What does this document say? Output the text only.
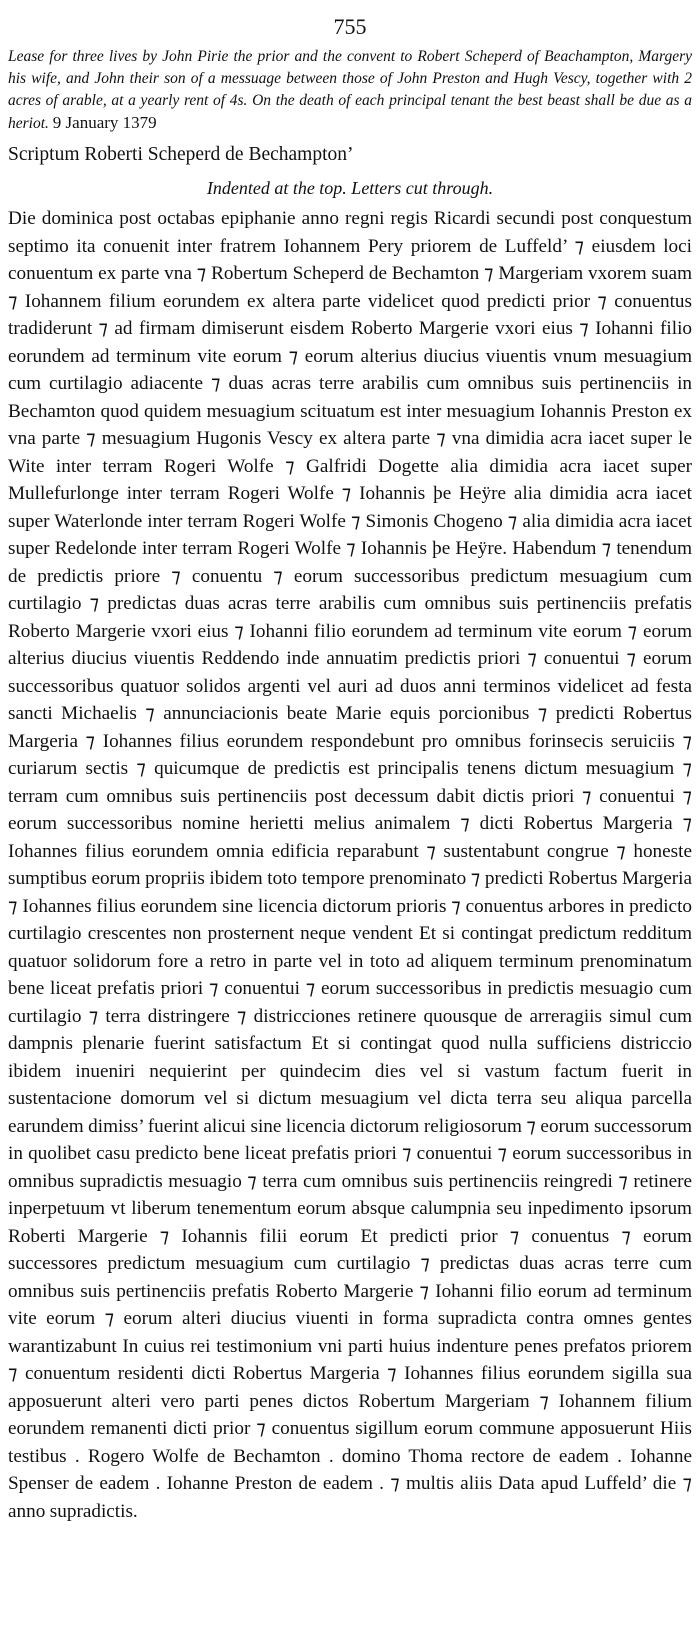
755

Lease for three lives by John Pirie the prior and the convent to Robert Scheperd of Beachampton, Margery his wife, and John their son of a messuage between those of John Preston and Hugh Vescy, together with 2 acres of arable, at a yearly rent of 4s. On the death of each principal tenant the best beast shall be due as a heriot. 9 January 1379

Scriptum Roberti Scheperd de Bechampton’
Indented at the top. Letters cut through.

Die dominica post octabas epiphanie anno regni regis Ricardi secundi post conquestum septimo ita conuenit inter fratrem Iohannem Pery priorem de Luffeld’ ⁊ eiusdem loci conuentum ex parte vna ⁊ Robertum Scheperd de Bechamton ⁊ Margeriam vxorem suam ⁊ Iohannem filium eorundem ex altera parte videlicet quod predicti prior ⁊ conuentus tradiderunt ⁊ ad firmam dimiserunt eisdem Roberto Margerie vxori eius ⁊ Iohanni filio eorundem ad terminum vite eorum ⁊ eorum alterius diucius viuentis vnum mesuagium cum curtilagio adiacente ⁊ duas acras terre arabilis cum omnibus suis pertinenciis in Bechamton quod quidem mesuagium scituatum est inter mesuagium Iohannis Preston ex vna parte ⁊ mesuagium Hugonis Vescy ex altera parte ⁊ vna dimidia acra iacet super le Wite inter terram Rogeri Wolfe ⁊ Galfridi Dogette alia dimidia acra iacet super Mullefurlonge inter terram Rogeri Wolfe ⁊ Iohannis þe Heÿre alia dimidia acra iacet super Waterlonde inter terram Rogeri Wolfe ⁊ Simonis Chogeno ⁊ alia dimidia acra iacet super Redelonde inter terram Rogeri Wolfe ⁊ Iohannis þe Heÿre. Habendum ⁊ tenendum de predictis priore ⁊ conuentu ⁊ eorum successoribus predictum mesuagium cum curtilagio ⁊ predictas duas acras terre arabilis cum omnibus suis pertinenciis prefatis Roberto Margerie vxori eius ⁊ Iohanni filio eorundem ad terminum vite eorum ⁊ eorum alterius diucius viuentis Reddendo inde annuatim predictis priori ⁊ conuentui ⁊ eorum successoribus quatuor solidos argenti vel auri ad duos anni terminos videlicet ad festa sancti Michaelis ⁊ annunciacionis beate Marie equis porcionibus ⁊ predicti Robertus Margeria ⁊ Iohannes filius eorundem respondebunt pro omnibus forinsecis seruiciis ⁊ curiarum sectis ⁊ quicumque de predictis est principalis tenens dictum mesuagium ⁊ terram cum omnibus suis pertinenciis post decessum dabit dictis priori ⁊ conuentui ⁊ eorum successoribus nomine herietti melius animalem ⁊ dicti Robertus Margeria ⁊ Iohannes filius eorundem omnia edificia reparabunt ⁊ sustentabunt congrue ⁊ honeste sumptibus eorum propriis ibidem toto tempore prenominato ⁊ predicti Robertus Margeria ⁊ Iohannes filius eorundem sine licencia dictorum prioris ⁊ conuentus arbores in predicto curtilagio crescentes non prosternent neque vendent Et si contingat predictum redditum quatuor solidorum fore a retro in parte vel in toto ad aliquem terminum prenominatum bene liceat prefatis priori ⁊ conuentui ⁊ eorum successoribus in predictis mesuagio cum curtilagio ⁊ terra distringere ⁊ districciones retinere quousque de arreragiis simul cum dampnis plenarie fuerint satisfactum Et si contingat quod nulla sufficiens districcio ibidem inueniri nequierint per quindecim dies vel si vastum factum fuerit in sustentacione domorum vel si dictum mesuagium vel dicta terra seu aliqua parcella earundem dimiss’ fuerint alicui sine licencia dictorum religiosorum ⁊ eorum successorum in quolibet casu predicto bene liceat prefatis priori ⁊ conuentui ⁊ eorum successoribus in omnibus supradictis mesuagio ⁊ terra cum omnibus suis pertinenciis reingredi ⁊ retinere inperpetuum vt liberum tenementum eorum absque calumpnia seu inpedimento ipsorum Roberti Margerie ⁊ Iohannis filii eorum Et predicti prior ⁊ conuentus ⁊ eorum successores predictum mesuagium cum curtilagio ⁊ predictas duas acras terre cum omnibus suis pertinenciis prefatis Roberto Margerie ⁊ Iohanni filio eorum ad terminum vite eorum ⁊ eorum alteri diucius viuenti in forma supradicta contra omnes gentes warantizabunt In cuius rei testimonium vni parti huius indenture penes prefatos priorem ⁊ conuentum residenti dicti Robertus Margeria ⁊ Iohannes filius eorundem sigilla sua apposuerunt alteri vero parti penes dictos Robertum Margeriam ⁊ Iohannem filium eorundem remanenti dicti prior ⁊ conuentus sigillum eorum commune apposuerunt Hiis testibus . Rogero Wolfe de Bechamton . domino Thoma rectore de eadem . Iohanne Spenser de eadem . Iohanne Preston de eadem . ⁊ multis aliis Data apud Luffeld’ die ⁊ anno supradictis.
